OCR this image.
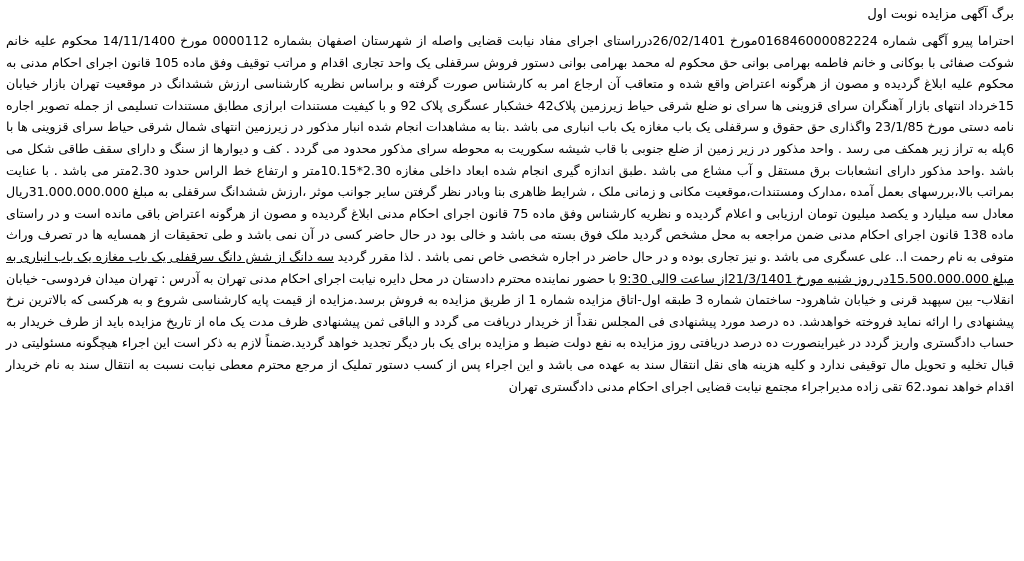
برگ آگهی مزایده نوبت اول

احتراما پیرو آگهی شماره 016846000082224مورخ 26/02/1401درراستای اجرای مفاد نیابت قضایی واصله از شهرستان اصفهان بشماره 0000112 مورخ 14/11/1400 محکوم علیه خانم شوکت صفائی با بوکانی و خانم فاطمه بهرامی بوانی حق محکوم له محمد بهرامی بوانی دستور فروش سرقفلی یک واحد تجاری اقدام و مراتب توقیف وفق ماده 105 قانون اجرای احکام مدنی به محکوم علیه ابلاغ گردیده و مصون از هرگونه اعتراض واقع شده و متعاقب آن ارجاع امر به کارشناس صورت گرفته و براساس نظریه کارشناسی ارزش ششدانگ در موقعیت تهران بازار خیابان 15خرداد انتهای بازار آهنگران سرای قزوینی ها سرای نو ضلع شرقی حیاط زیرزمین پلاک42 خشکبار عسگری پلاک 92 و با کیفیت مستندات ابرازی مطابق مستندات تسلیمی از جمله تصویر اجاره نامه دستی مورخ 23/1/85 واگذاری حق حقوق و سرقفلی یک باب مغازه یک باب انباری می باشد .بنا به مشاهدات انجام شده انبار مذکور در زیرزمین انتهای شمال شرقی حیاط سرای قزوینی ها با 6پله به تراز زیر همکف می رسد . واحد مذکور در زیر زمین از ضلع جنوبی با قاب شیشه سکوریت به محوطه سرای مذکور محدود می گردد . کف و دیوارها از سنگ و دارای سقف طاقی شکل می باشد .واحد مذکور دارای انشعابات برق مستقل و آب مشاع می باشد .طبق اندازه گیری انجام شده ابعاد داخلی مغازه 2.30*10.15متر و ارتفاع خط الراس حدود 2.30متر می باشد . با عنایت بمراتب بالا،بررسهای بعمل آمده ،مدارک ومستندات،موقعیت مکانی و زمانی ملک ، شرایط ظاهری بنا وبادر نظر گرفتن سایر جوانب موثر ،ارزش ششدانگ سرقفلی به مبلغ 31.000.000.000ریال معادل سه میلیارد و یکصد میلیون تومان ارزیابی و اعلام گردیده و نظریه کارشناس وفق ماده 75 قانون اجرای احکام مدنی ابلاغ گردیده و مصون از هرگونه اعتراض باقی مانده است و در راستای ماده 138 قانون اجرای احکام مدنی ضمن مراجعه به محل مشخص گردید ملک فوق بسته می باشد و خالی بود در حال حاضر کسی در آن نمی باشد و طی تحقیقات از همسایه ها در تصرف وراث متوفی به نام رحمت ا.. علی عسگری می باشد .و نیز تجاری بوده و در حال حاضر در اجاره شخصی خاص نمی باشد . لذا مقرر گردید سه دانگ از شش دانگ سرقفلی یک باب مغازه یک باب انباری به مبلغ 15.500.000.000در روز شنبه مورخ 21/3/1401از ساعت 9الی 9:30 با حضور نماینده محترم دادستان در محل دایره نیابت اجرای احکام مدنی تهران به آدرس : تهران میدان فردوسی- خیابان انقلاب- بین سپهبد قرنی و خیابان شاهرود- ساختمان شماره 3 طبقه اول-اتاق مزایده شماره 1 از طریق مزایده به فروش برسد.مزایده از قیمت پایه کارشناسی شروع و به هرکسی که بالاترین نرخ پیشنهادی را ارائه نماید فروخته خواهدشد. ده درصد مورد پیشنهادی فی المجلس نقداً از خریدار دریافت می گردد و الباقی ثمن پیشنهادی ظرف مدت یک ماه از تاریخ مزایده باید از طرف خریدار به حساب دادگستری واریز گردد در غیراینصورت ده درصد دریافتی روز مزایده به نفع دولت ضبط و مزایده برای یک بار دیگر تجدید خواهد گردید.ضمناً لازم به ذکر است این اجراء هیچگونه مسئولیتی در قبال تخلیه و تحویل مال توقیفی ندارد و کلیه هزینه های نقل انتقال سند به عهده می باشد و این اجراء پس از کسب دستور تملیک از مرجع محترم معطی نیابت نسبت به انتقال سند به نام خریدار اقدام خواهد نمود.62 تقی زاده مدیراجراء مجتمع نیابت قضایی اجرای احکام مدنی دادگستری تهران
